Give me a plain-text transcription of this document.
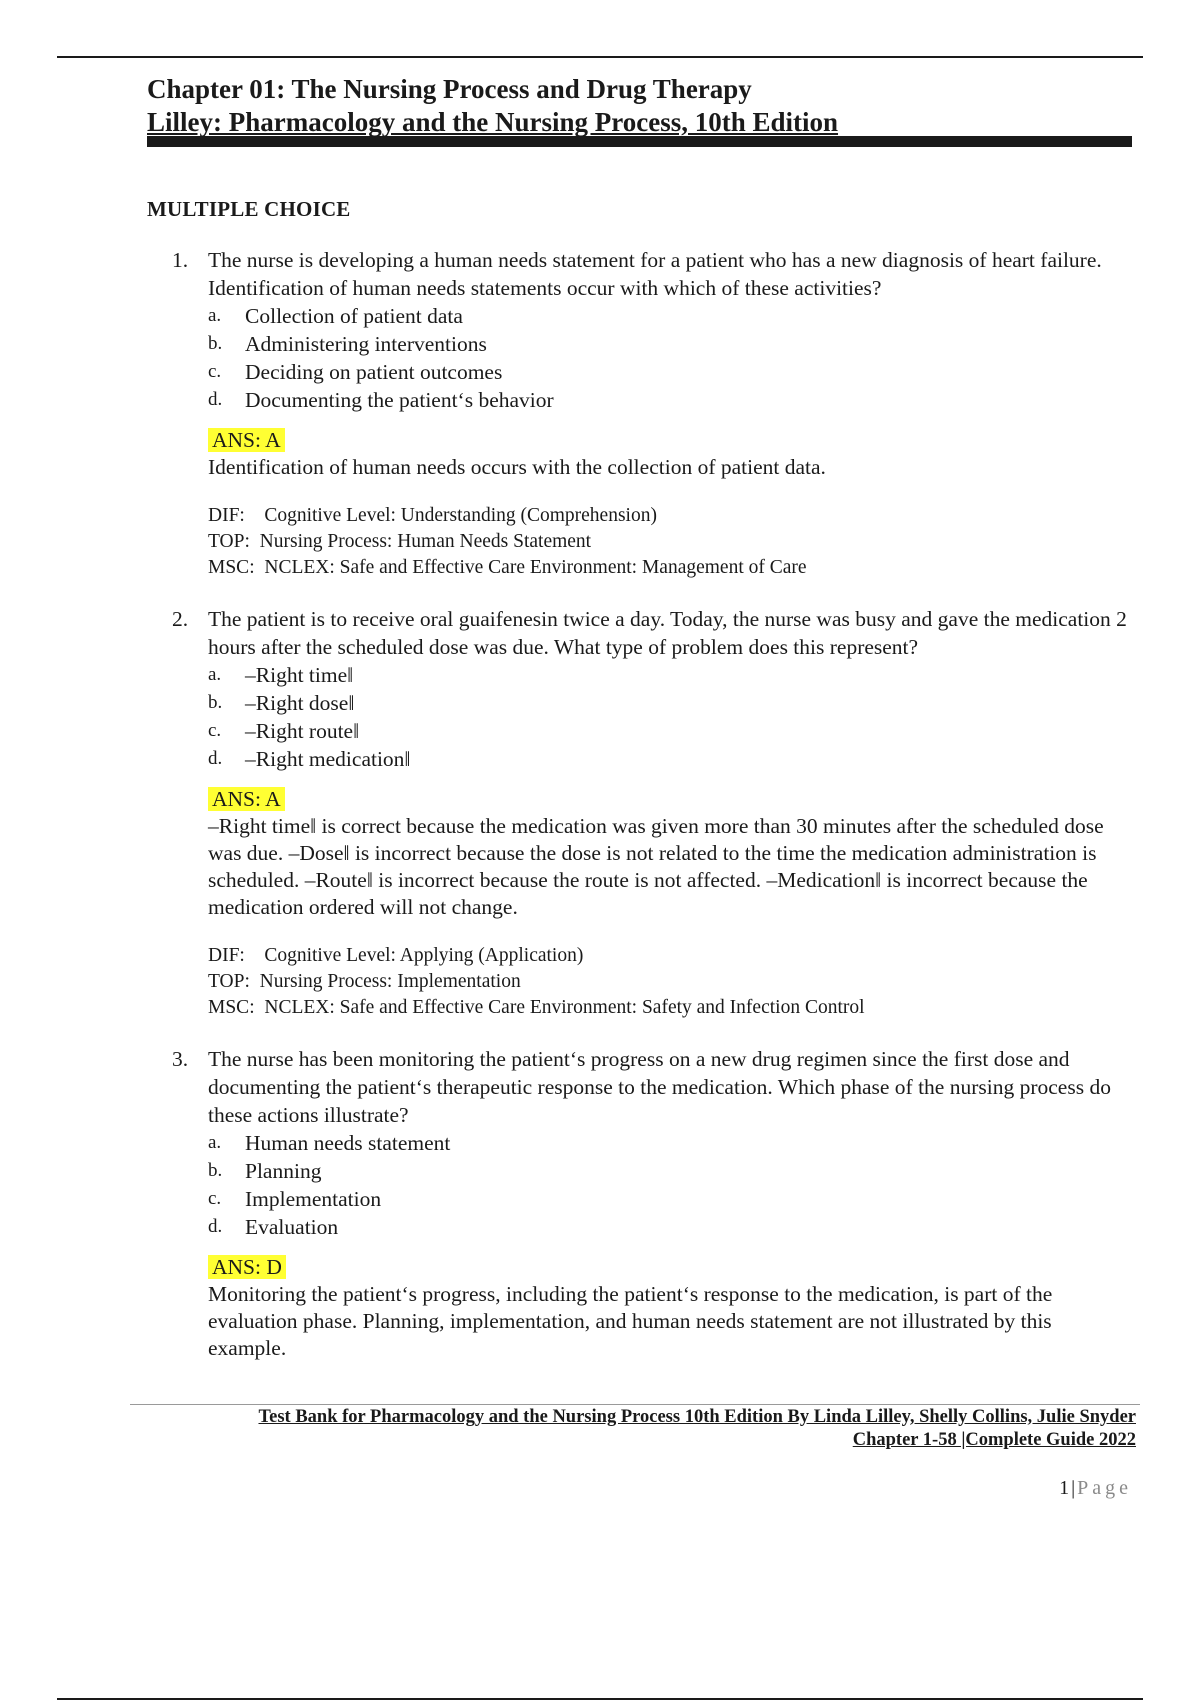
Chapter 01: The Nursing Process and Drug Therapy
Lilley: Pharmacology and the Nursing Process, 10th Edition
MULTIPLE CHOICE
1. The nurse is developing a human needs statement for a patient who has a new diagnosis of heart failure. Identification of human needs statements occur with which of these activities?
a. Collection of patient data
b. Administering interventions
c. Deciding on patient outcomes
d. Documenting the patient‘s behavior
ANS: A
Identification of human needs occurs with the collection of patient data.
DIF:    Cognitive Level: Understanding (Comprehension)
TOP:  Nursing Process: Human Needs Statement
MSC:  NCLEX: Safe and Effective Care Environment: Management of Care
2. The patient is to receive oral guaifenesin twice a day. Today, the nurse was busy and gave the medication 2 hours after the scheduled dose was due. What type of problem does this represent?
a. –Right time‖
b. –Right dose‖
c. –Right route‖
d. –Right medication‖
ANS: A
–Right time‖ is correct because the medication was given more than 30 minutes after the scheduled dose was due. –Dose‖ is incorrect because the dose is not related to the time the medication administration is scheduled. –Route‖ is incorrect because the route is not affected. –Medication‖ is incorrect because the medication ordered will not change.
DIF:    Cognitive Level: Applying (Application)
TOP:  Nursing Process: Implementation
MSC:  NCLEX: Safe and Effective Care Environment: Safety and Infection Control
3. The nurse has been monitoring the patient‘s progress on a new drug regimen since the first dose and documenting the patient‘s therapeutic response to the medication. Which phase of the nursing process do these actions illustrate?
a. Human needs statement
b. Planning
c. Implementation
d. Evaluation
ANS: D
Monitoring the patient‘s progress, including the patient‘s response to the medication, is part of the evaluation phase. Planning, implementation, and human needs statement are not illustrated by this example.
Test Bank for Pharmacology and the Nursing Process 10th Edition By Linda Lilley, Shelly Collins, Julie Snyder
Chapter 1-58 |Complete Guide 2022
1|Page
